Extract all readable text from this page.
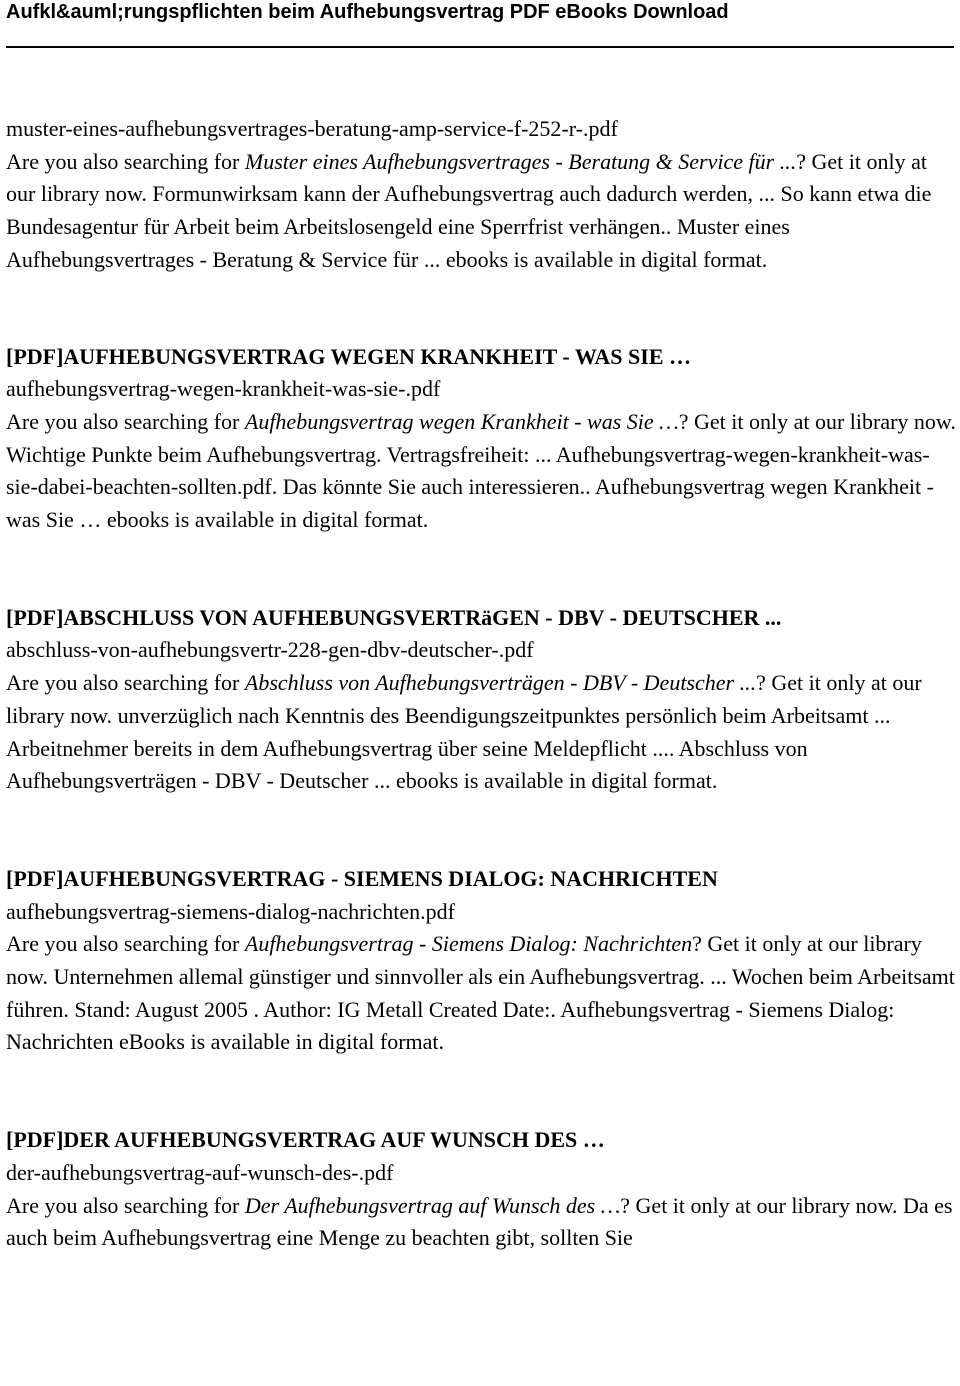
Aufkl&auml;rungspflichten beim Aufhebungsvertrag PDF eBooks Download

muster-eines-aufhebungsvertrages-beratung-amp-service-f-252-r-.pdf

Are you also searching for Muster eines Aufhebungsvertrages - Beratung & Service für ...? Get it only at our library now. Formunwirksam kann der Aufhebungsvertrag auch dadurch werden, ... So kann etwa die Bundesagentur für Arbeit beim Arbeitslosengeld eine Sperrfrist verhängen.. Muster eines Aufhebungsvertrages - Beratung & Service für ... ebooks is available in digital format.

[PDF]AUFHEBUNGSVERTRAG WEGEN KRANKHEIT - WAS SIE …

aufhebungsvertrag-wegen-krankheit-was-sie-.pdf

Are you also searching for Aufhebungsvertrag wegen Krankheit - was Sie …? Get it only at our library now. Wichtige Punkte beim Aufhebungsvertrag. Vertragsfreiheit: ... Aufhebungsvertrag-wegen-krankheit-was-sie-dabei-beachten-sollten.pdf. Das könnte Sie auch interessieren.. Aufhebungsvertrag wegen Krankheit - was Sie … ebooks is available in digital format.

[PDF]ABSCHLUSS VON AUFHEBUNGSVERTRäGEN - DBV - DEUTSCHER ...

abschluss-von-aufhebungsvertr-228-gen-dbv-deutscher-.pdf

Are you also searching for Abschluss von Aufhebungsverträgen - DBV - Deutscher ...? Get it only at our library now. unverzüglich nach Kenntnis des Beendigungszeitpunktes persönlich beim Arbeitsamt ... Arbeitnehmer bereits in dem Aufhebungsvertrag über seine Meldepflicht .... Abschluss von Aufhebungsverträgen - DBV - Deutscher ... ebooks is available in digital format.

[PDF]AUFHEBUNGSVERTRAG - SIEMENS DIALOG: NACHRICHTEN

aufhebungsvertrag-siemens-dialog-nachrichten.pdf

Are you also searching for Aufhebungsvertrag - Siemens Dialog: Nachrichten? Get it only at our library now. Unternehmen allemal günstiger und sinnvoller als ein Aufhebungsvertrag. ... Wochen beim Arbeitsamt führen. Stand: August 2005 . Author: IG Metall Created Date:. Aufhebungsvertrag - Siemens Dialog: Nachrichten eBooks is available in digital format.

[PDF]DER AUFHEBUNGSVERTRAG AUF WUNSCH DES …

der-aufhebungsvertrag-auf-wunsch-des-.pdf

Are you also searching for Der Aufhebungsvertrag auf Wunsch des …? Get it only at our library now. Da es auch beim Aufhebungsvertrag eine Menge zu beachten gibt, sollten Sie
